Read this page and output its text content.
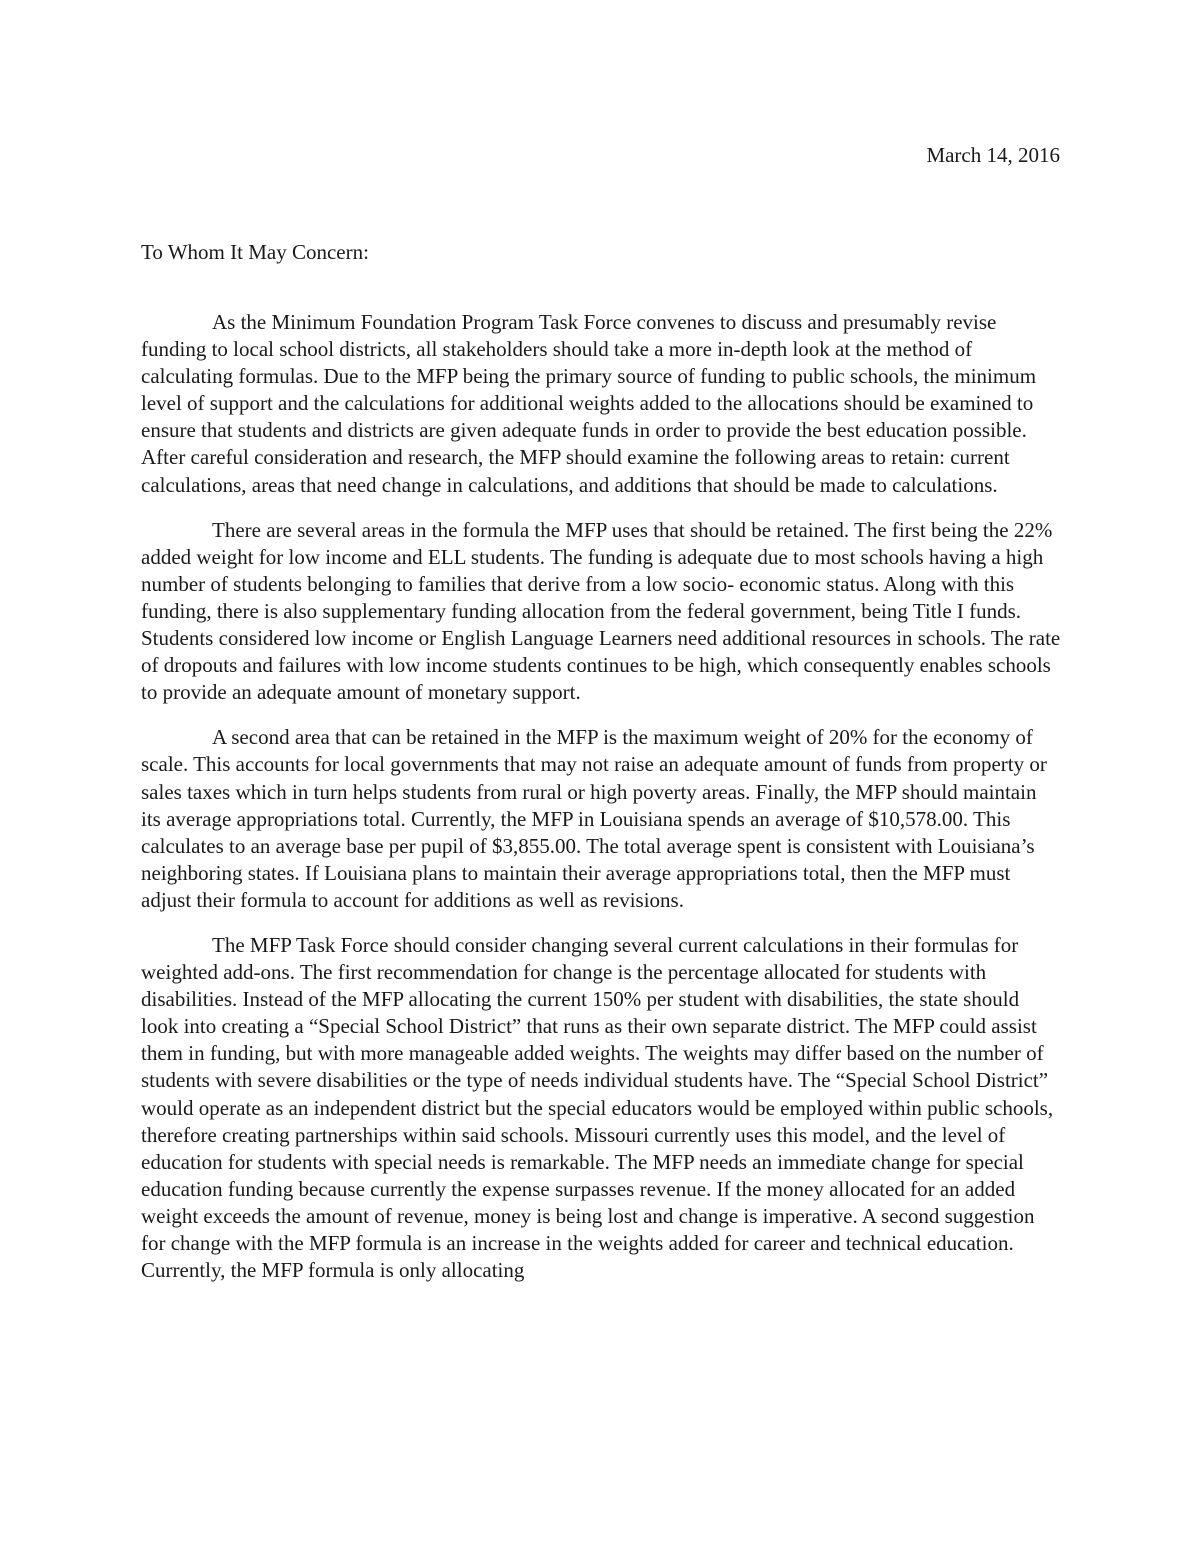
March 14, 2016
To Whom It May Concern:

As the Minimum Foundation Program Task Force convenes to discuss and presumably revise funding to local school districts, all stakeholders should take a more in-depth look at the method of calculating formulas. Due to the MFP being the primary source of funding to public schools, the minimum level of support and the calculations for additional weights added to the allocations should be examined to ensure that students and districts are given adequate funds in order to provide the best education possible. After careful consideration and research, the MFP should examine the following areas to retain: current calculations, areas that need change in calculations, and additions that should be made to calculations.

There are several areas in the formula the MFP uses that should be retained. The first being the 22% added weight for low income and ELL students. The funding is adequate due to most schools having a high number of students belonging to families that derive from a low socio- economic status. Along with this funding, there is also supplementary funding allocation from the federal government, being Title I funds. Students considered low income or English Language Learners need additional resources in schools. The rate of dropouts and failures with low income students continues to be high, which consequently enables schools to provide an adequate amount of monetary support.

A second area that can be retained in the MFP is the maximum weight of 20% for the economy of scale. This accounts for local governments that may not raise an adequate amount of funds from property or sales taxes which in turn helps students from rural or high poverty areas. Finally, the MFP should maintain its average appropriations total. Currently, the MFP in Louisiana spends an average of $10,578.00. This calculates to an average base per pupil of $3,855.00. The total average spent is consistent with Louisiana’s neighboring states. If Louisiana plans to maintain their average appropriations total, then the MFP must adjust their formula to account for additions as well as revisions.

The MFP Task Force should consider changing several current calculations in their formulas for weighted add-ons. The first recommendation for change is the percentage allocated for students with disabilities. Instead of the MFP allocating the current 150% per student with disabilities, the state should look into creating a “Special School District” that runs as their own separate district. The MFP could assist them in funding, but with more manageable added weights. The weights may differ based on the number of students with severe disabilities or the type of needs individual students have. The “Special School District” would operate as an independent district but the special educators would be employed within public schools, therefore creating partnerships within said schools. Missouri currently uses this model, and the level of education for students with special needs is remarkable. The MFP needs an immediate change for special education funding because currently the expense surpasses revenue. If the money allocated for an added weight exceeds the amount of revenue, money is being lost and change is imperative. A second suggestion for change with the MFP formula is an increase in the weights added for career and technical education. Currently, the MFP formula is only allocating
